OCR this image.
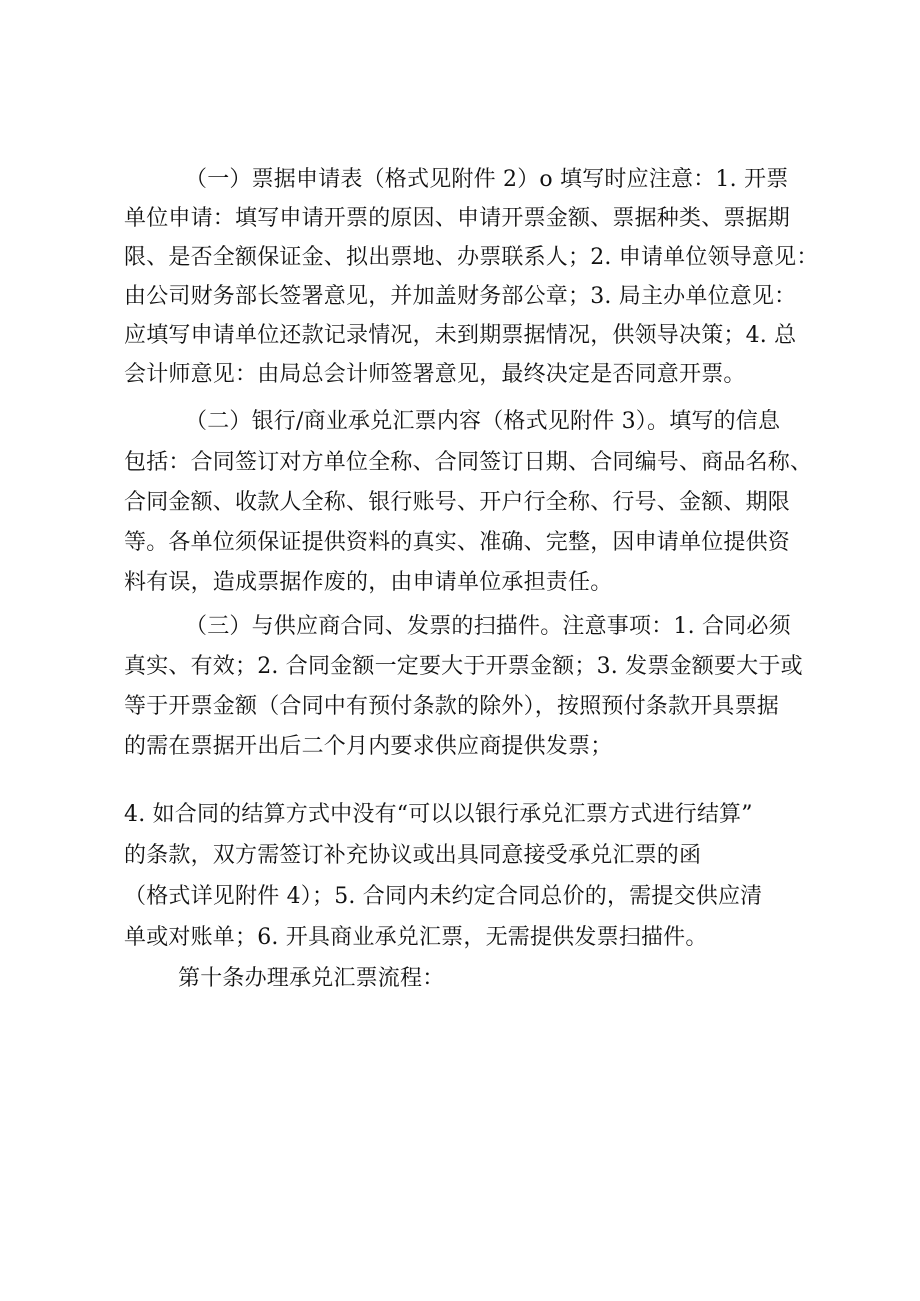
（一）票据申请表（格式见附件 2）o 填写时应注意：1. 开票
单位申请：填写申请开票的原因、申请开票金额、票据种类、票据期
限、是否全额保证金、拟出票地、办票联系人；2. 申请单位领导意见：
由公司财务部长签署意见，并加盖财务部公章；3. 局主办单位意见：
应填写申请单位还款记录情况，未到期票据情况，供领导决策；4. 总
会计师意见：由局总会计师签署意见，最终决定是否同意开票。
（二）银行/商业承兑汇票内容（格式见附件 3）。填写的信息
包括：合同签订对方单位全称、合同签订日期、合同编号、商品名称、
合同金额、收款人全称、银行账号、开户行全称、行号、金额、期限
等。各单位须保证提供资料的真实、准确、完整，因申请单位提供资
料有误，造成票据作废的，由申请单位承担责任。
（三）与供应商合同、发票的扫描件。注意事项：1. 合同必须
真实、有效；2. 合同金额一定要大于开票金额；3. 发票金额要大于或
等于开票金额（合同中有预付条款的除外），按照预付条款开具票据
的需在票据开出后二个月内要求供应商提供发票；
4. 如合同的结算方式中没有“可以以银行承兑汇票方式进行结算”
的条款，双方需签订补充协议或出具同意接受承兑汇票的函
（格式详见附件 4）；5. 合同内未约定合同总价的，需提交供应清
单或对账单；6. 开具商业承兑汇票，无需提供发票扫描件。
第十条办理承兑汇票流程：
